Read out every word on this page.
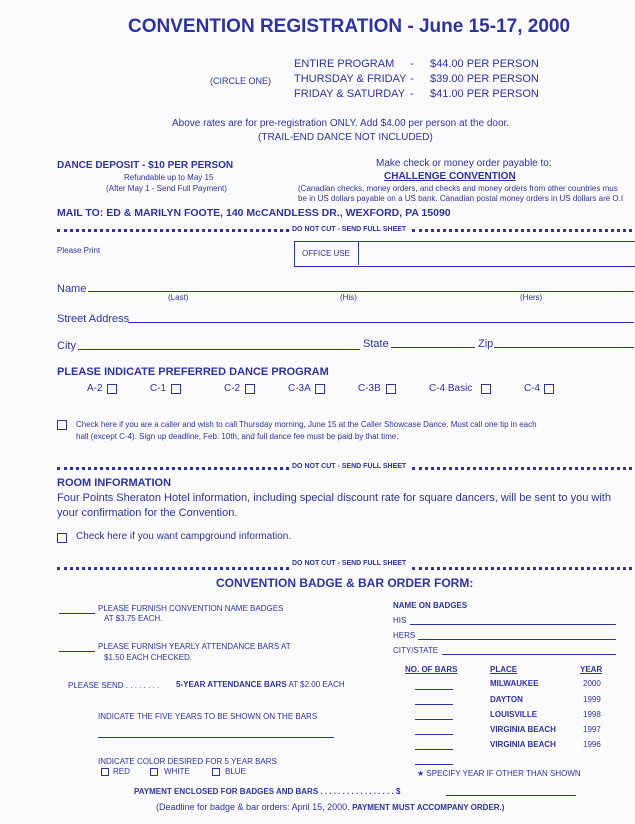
CONVENTION REGISTRATION - June 15-17, 2000
(CIRCLE ONE)
ENTIRE PROGRAM - $44.00 PER PERSON
THURSDAY & FRIDAY - $39.00 PER PERSON
FRIDAY & SATURDAY - $41.00 PER PERSON
Above rates are for pre-registration ONLY. Add $4.00 per person at the door.
(TRAIL-END DANCE NOT INCLUDED)
DANCE DEPOSIT - $10 PER PERSON
Refundable up to May 15
(After May 1 - Send Full Payment)
Make check or money order payable to:
CHALLENGE CONVENTION
(Canadian checks, money orders, and checks and money orders from other countries mus
be in US dollars payable on a US bank. Canadian postal money orders in US dollars are O.I
MAIL TO: ED & MARILYN FOOTE, 140 McCANDLESS DR., WEXFORD, PA 15090
DO NOT CUT - SEND FULL SHEET
Please Print	OFFICE USE
Name
(Last)	(His)	(Hers)
Street Address
City	State	Zip
PLEASE INDICATE PREFERRED DANCE PROGRAM
A-2	C-1	C-2	C-3A	C-3B	C-4 Basic	C-4
Check here if you are a caller and wish to call Thursday morning, June 15 at the Caller Showcase Dance. Must call one tip in each
hall (except C-4). Sign up deadline, Feb. 10th, and full dance fee must be paid by that time.
DO NOT CUT - SEND FULL SHEET
ROOM INFORMATION
Four Points Sheraton Hotel information, including special discount rate for square dancers, will be sent to you with
your confirmation for the Convention.
Check here if you want campground information.
DO NOT CUT - SEND FULL SHEET
CONVENTION BADGE & BAR ORDER FORM:
PLEASE FURNISH CONVENTION NAME BADGES
AT $3.75 EACH.
PLEASE FURNISH YEARLY ATTENDANCE BARS AT
$1.50 EACH CHECKED.
PLEASE SEND . . . . . . . . 5-YEAR ATTENDANCE BARS AT $2.00 EACH
INDICATE THE FIVE YEARS TO BE SHOWN ON THE BARS
INDICATE COLOR DESIRED FOR 5 YEAR BARS
RED	WHITE	BLUE
NAME ON BADGES
HIS
HERS
CITY/STATE
NO. OF BARS	PLACE	YEAR
MILWAUKEE	2000
DAYTON	1999
LOUISVILLE	1998
VIRGINIA BEACH	1997
VIRGINIA BEACH	1996
★ SPECIFY YEAR IF OTHER THAN SHOWN
PAYMENT ENCLOSED FOR BADGES AND BARS . . . . . . . . . . . . . . . . . $
(Deadline for badge & bar orders: April 15, 2000. PAYMENT MUST ACCOMPANY ORDER.)
